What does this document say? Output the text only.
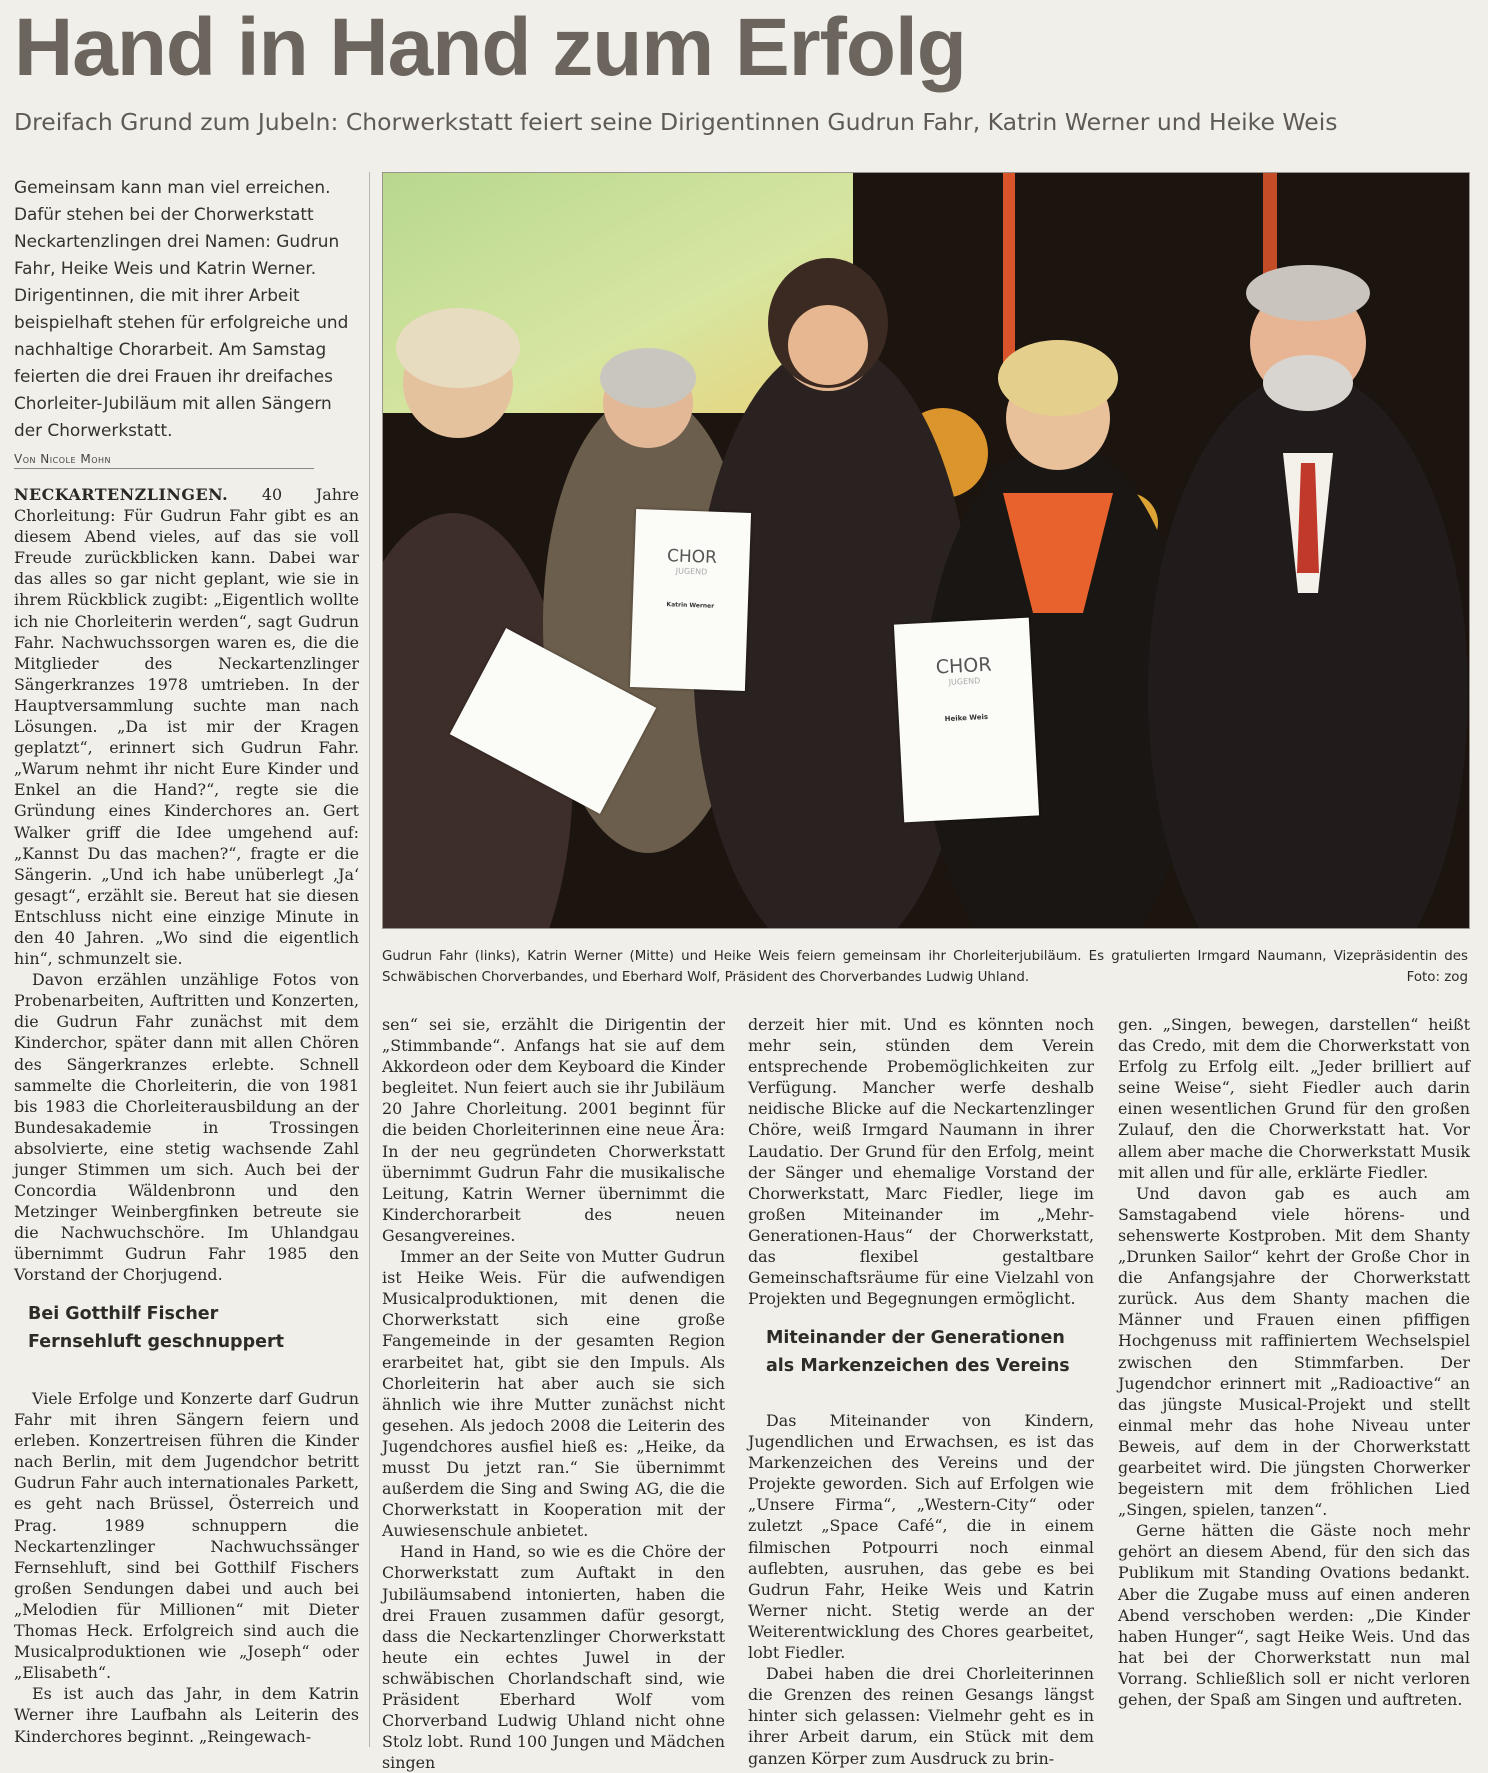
Hand in Hand zum Erfolg
Dreifach Grund zum Jubeln: Chorwerkstatt feiert seine Dirigentinnen Gudrun Fahr, Katrin Werner und Heike Weis
Gemeinsam kann man viel erreichen. Dafür stehen bei der Chorwerkstatt Neckartenzlingen drei Namen: Gudrun Fahr, Heike Weis und Katrin Werner. Dirigentinnen, die mit ihrer Arbeit beispielhaft stehen für erfolgreiche und nachhaltige Chorarbeit. Am Samstag feierten die drei Frauen ihr dreifaches Chorleiter-Jubiläum mit allen Sängern der Chorwerkstatt.
Von Nicole Mohn

NECKARTENZLINGEN. 40 Jahre Chorleitung: Für Gudrun Fahr gibt es an diesem Abend vieles, auf das sie voll Freude zurückblicken kann. Dabei war das alles so gar nicht geplant, wie sie in ihrem Rückblick zugibt: „Eigentlich wollte ich nie Chorleiterin werden“, sagt Gudrun Fahr. Nachwuchssorgen waren es, die die Mitglieder des Neckartenzlinger Sängerkranzes 1978 umtrieben. In der Hauptversammlung suchte man nach Lösungen. „Da ist mir der Kragen geplatzt“, erinnert sich Gudrun Fahr. „Warum nehmt ihr nicht Eure Kinder und Enkel an die Hand?“, regte sie die Gründung eines Kinderchores an. Gert Walker griff die Idee umgehend auf: „Kannst Du das machen?“, fragte er die Sängerin. „Und ich habe unüberlegt ‚Ja‘ gesagt“, erzählt sie. Bereut hat sie diesen Entschluss nicht eine einzige Minute in den 40 Jahren. „Wo sind die eigentlich hin“, schmunzelt sie.

Davon erzählen unzählige Fotos von Probenarbeiten, Auftritten und Konzerten, die Gudrun Fahr zunächst mit dem Kinderchor, später dann mit allen Chören des Sängerkranzes erlebte. Schnell sammelte die Chorleiterin, die von 1981 bis 1983 die Chorleiterausbildung an der Bundesakademie in Trossingen absolvierte, eine stetig wachsende Zahl junger Stimmen um sich. Auch bei der Concordia Wäldenbronn und den Metzinger Weinbergfinken betreute sie die Nachwuchschöre. Im Uhlandgau übernimmt Gudrun Fahr 1985 den Vorstand der Chorjugend.

Bei Gotthilf Fischer
Fernsehluft geschnuppert

Viele Erfolge und Konzerte darf Gudrun Fahr mit ihren Sängern feiern und erleben. Konzertreisen führen die Kinder nach Berlin, mit dem Jugendchor betritt Gudrun Fahr auch internationales Parkett, es geht nach Brüssel, Österreich und Prag. 1989 schnuppern die Neckartenzlinger Nachwuchssänger Fernsehluft, sind bei Gotthilf Fischers großen Sendungen dabei und auch bei „Melodien für Millionen“ mit Dieter Thomas Heck. Erfolgreich sind auch die Musicalproduktionen wie „Joseph“ oder „Elisabeth“.

Es ist auch das Jahr, in dem Katrin Werner ihre Laufbahn als Leiterin des Kinderchores beginnt. „Reingewach-

CHOR
JUGEND
Katrin Werner
CHOR
JUGEND
Heike Weis
Gudrun Fahr (links), Katrin Werner (Mitte) und Heike Weis feiern gemeinsam ihr Chorleiterjubiläum. Es gratulierten Irmgard Naumann, Vizepräsidentin des Schwäbischen Chorverbandes, und Eberhard Wolf, Präsident des Chorverbandes Ludwig Uhland.	Foto: zog

sen“ sei sie, erzählt die Dirigentin der „Stimmbande“. Anfangs hat sie auf dem Akkordeon oder dem Keyboard die Kinder begleitet. Nun feiert auch sie ihr Jubiläum 20 Jahre Chorleitung. 2001 beginnt für die beiden Chorleiterinnen eine neue Ära: In der neu gegründeten Chorwerkstatt übernimmt Gudrun Fahr die musikalische Leitung, Katrin Werner übernimmt die Kinderchorarbeit des neuen Gesangvereines.

Immer an der Seite von Mutter Gudrun ist Heike Weis. Für die aufwendigen Musicalproduktionen, mit denen die Chorwerkstatt sich eine große Fangemeinde in der gesamten Region erarbeitet hat, gibt sie den Impuls. Als Chorleiterin hat aber auch sie sich ähnlich wie ihre Mutter zunächst nicht gesehen. Als jedoch 2008 die Leiterin des Jugendchores ausfiel hieß es: „Heike, da musst Du jetzt ran.“ Sie übernimmt außerdem die Sing and Swing AG, die die Chorwerkstatt in Kooperation mit der Auwiesenschule anbietet.

Hand in Hand, so wie es die Chöre der Chorwerkstatt zum Auftakt in den Jubiläumsabend intonierten, haben die drei Frauen zusammen dafür gesorgt, dass die Neckartenzlinger Chorwerkstatt heute ein echtes Juwel in der schwäbischen Chorlandschaft sind, wie Präsident Eberhard Wolf vom Chorverband Ludwig Uhland nicht ohne Stolz lobt. Rund 100 Jungen und Mädchen singen

derzeit hier mit. Und es könnten noch mehr sein, stünden dem Verein entsprechende Probemöglichkeiten zur Verfügung. Mancher werfe deshalb neidische Blicke auf die Neckartenzlinger Chöre, weiß Irmgard Naumann in ihrer Laudatio. Der Grund für den Erfolg, meint der Sänger und ehemalige Vorstand der Chorwerkstatt, Marc Fiedler, liege im großen Miteinander im „Mehr-Generationen-Haus“ der Chorwerkstatt, das flexibel gestaltbare Gemeinschaftsräume für eine Vielzahl von Projekten und Begegnungen ermöglicht.

Miteinander der Generationen
als Markenzeichen des Vereins

Das Miteinander von Kindern, Jugendlichen und Erwachsen, es ist das Markenzeichen des Vereins und der Projekte geworden. Sich auf Erfolgen wie „Unsere Firma“, „Western-City“ oder zuletzt „Space Café“, die in einem filmischen Potpourri noch einmal auflebten, ausruhen, das gebe es bei Gudrun Fahr, Heike Weis und Katrin Werner nicht. Stetig werde an der Weiterentwicklung des Chores gearbeitet, lobt Fiedler.

Dabei haben die drei Chorleiterinnen die Grenzen des reinen Gesangs längst hinter sich gelassen: Vielmehr geht es in ihrer Arbeit darum, ein Stück mit dem ganzen Körper zum Ausdruck zu brin-

gen. „Singen, bewegen, darstellen“ heißt das Credo, mit dem die Chorwerkstatt von Erfolg zu Erfolg eilt. „Jeder brilliert auf seine Weise“, sieht Fiedler auch darin einen wesentlichen Grund für den großen Zulauf, den die Chorwerkstatt hat. Vor allem aber mache die Chorwerkstatt Musik mit allen und für alle, erklärte Fiedler.

Und davon gab es auch am Samstagabend viele hörens- und sehenswerte Kostproben. Mit dem Shanty „Drunken Sailor“ kehrt der Große Chor in die Anfangsjahre der Chorwerkstatt zurück. Aus dem Shanty machen die Männer und Frauen einen pfiffigen Hochgenuss mit raffiniertem Wechselspiel zwischen den Stimmfarben. Der Jugendchor erinnert mit „Radioactive“ an das jüngste Musical-Projekt und stellt einmal mehr das hohe Niveau unter Beweis, auf dem in der Chorwerkstatt gearbeitet wird. Die jüngsten Chorwerker begeistern mit dem fröhlichen Lied „Singen, spielen, tanzen“.

Gerne hätten die Gäste noch mehr gehört an diesem Abend, für den sich das Publikum mit Standing Ovations bedankt. Aber die Zugabe muss auf einen anderen Abend verschoben werden: „Die Kinder haben Hunger“, sagt Heike Weis. Und das hat bei der Chorwerkstatt nun mal Vorrang. Schließlich soll er nicht verloren gehen, der Spaß am Singen und auftreten.
